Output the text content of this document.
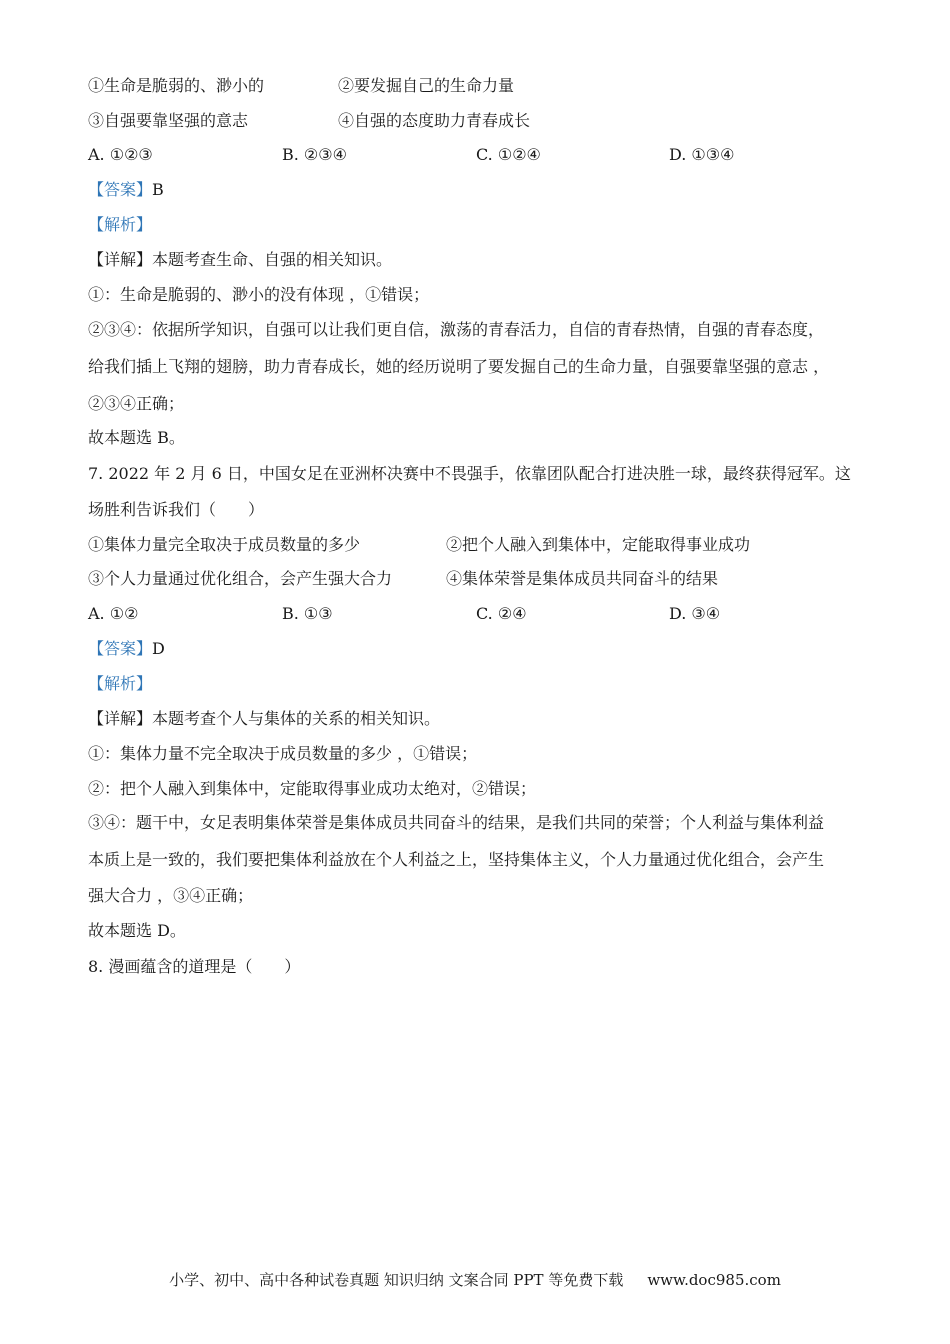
①生命是脆弱的、渺小的	②要发掘自己的生命力量
③自强要靠坚强的意志	④自强的态度助力青春成长
A. ①②③	B. ②③④	C. ①②④	D. ①③④
【答案】B
【解析】
【详解】本题考查生命、自强的相关知识。
①：生命是脆弱的、渺小的没有体现 ，①错误；
②③④：依据所学知识，自强可以让我们更自信，激荡的青春活力，自信的青春热情，自强的青春态度，
给我们插上飞翔的翅膀，助力青春成长，她的经历说明了要发掘自己的生命力量，自强要靠坚强的意志 ，
②③④正确；
故本题选 B。
7. 2022 年 2 月 6 日，中国女足在亚洲杯决赛中不畏强手，依靠团队配合打进决胜一球，最终获得冠军。这
场胜利告诉我们（　　）
①集体力量完全取决于成员数量的多少	②把个人融入到集体中，定能取得事业成功
③个人力量通过优化组合，会产生强大合力	④集体荣誉是集体成员共同奋斗的结果
A. ①②	B. ①③	C. ②④	D. ③④
【答案】D
【解析】
【详解】本题考查个人与集体的关系的相关知识。
①：集体力量不完全取决于成员数量的多少 ，①错误；
②：把个人融入到集体中，定能取得事业成功太绝对，②错误；
③④：题干中，女足表明集体荣誉是集体成员共同奋斗的结果，是我们共同的荣誉；个人利益与集体利益
本质上是一致的，我们要把集体利益放在个人利益之上，坚持集体主义，个人力量通过优化组合，会产生
强大合力 ，③④正确；
故本题选 D。
8. 漫画蕴含的道理是（　　）
小学、初中、高中各种试卷真题 知识归纳 文案合同 PPT 等免费下载 www.doc985.com
